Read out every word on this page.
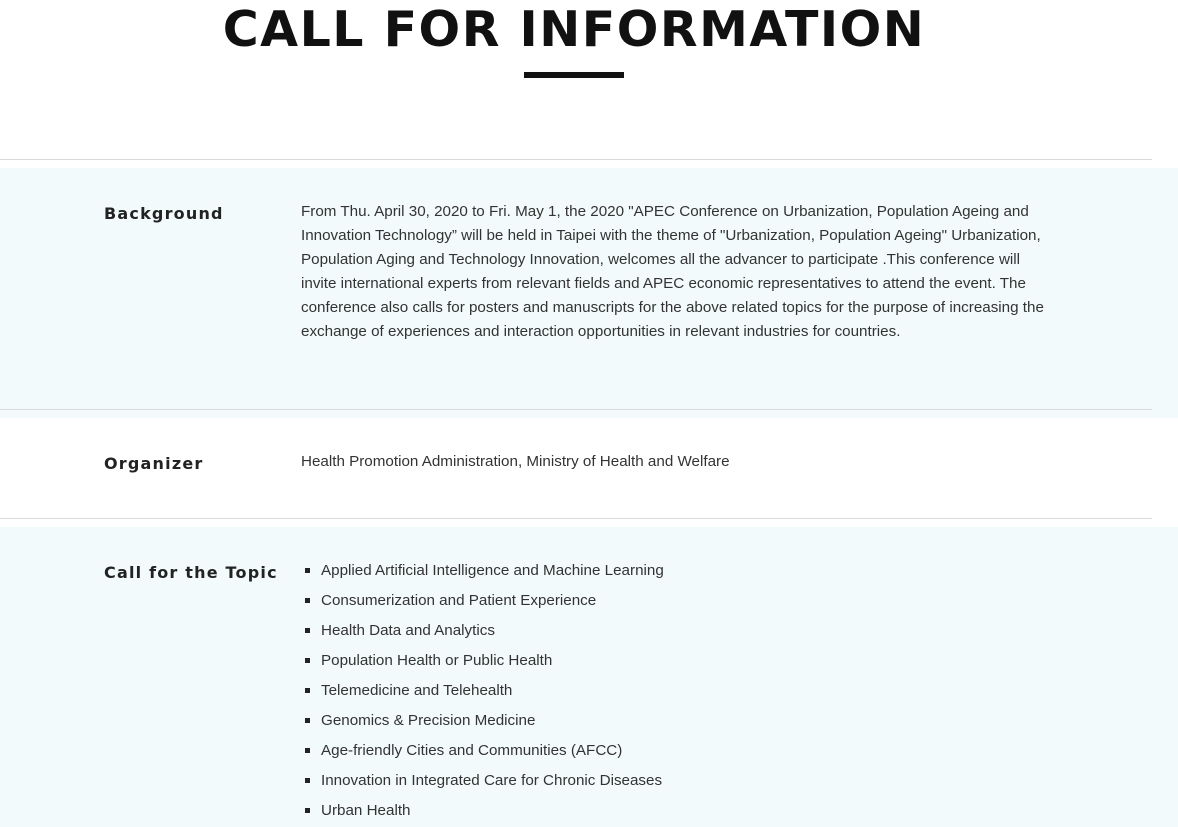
CALL FOR INFORMATION
Background	From Thu. April 30, 2020 to Fri. May 1, the 2020 "APEC Conference on Urbanization, Population Ageing and Innovation Technology” will be held in Taipei with the theme of "Urbanization, Population Ageing" Urbanization, Population Aging and Technology Innovation, welcomes all the advancer to participate .This conference will invite international experts from relevant fields and APEC economic representatives to attend the event. The conference also calls for posters and manuscripts for the above related topics for the purpose of increasing the exchange of experiences and interaction opportunities in relevant industries for countries.

Organizer	Health Promotion Administration, Ministry of Health and Welfare

Call for the Topic	Applied Artificial Intelligence and Machine Learning
Consumerization and Patient Experience
Health Data and Analytics
Population Health or Public Health
Telemedicine and Telehealth
Genomics & Precision Medicine
Age-friendly Cities and Communities (AFCC)
Innovation in Integrated Care for Chronic Diseases
Urban Health
